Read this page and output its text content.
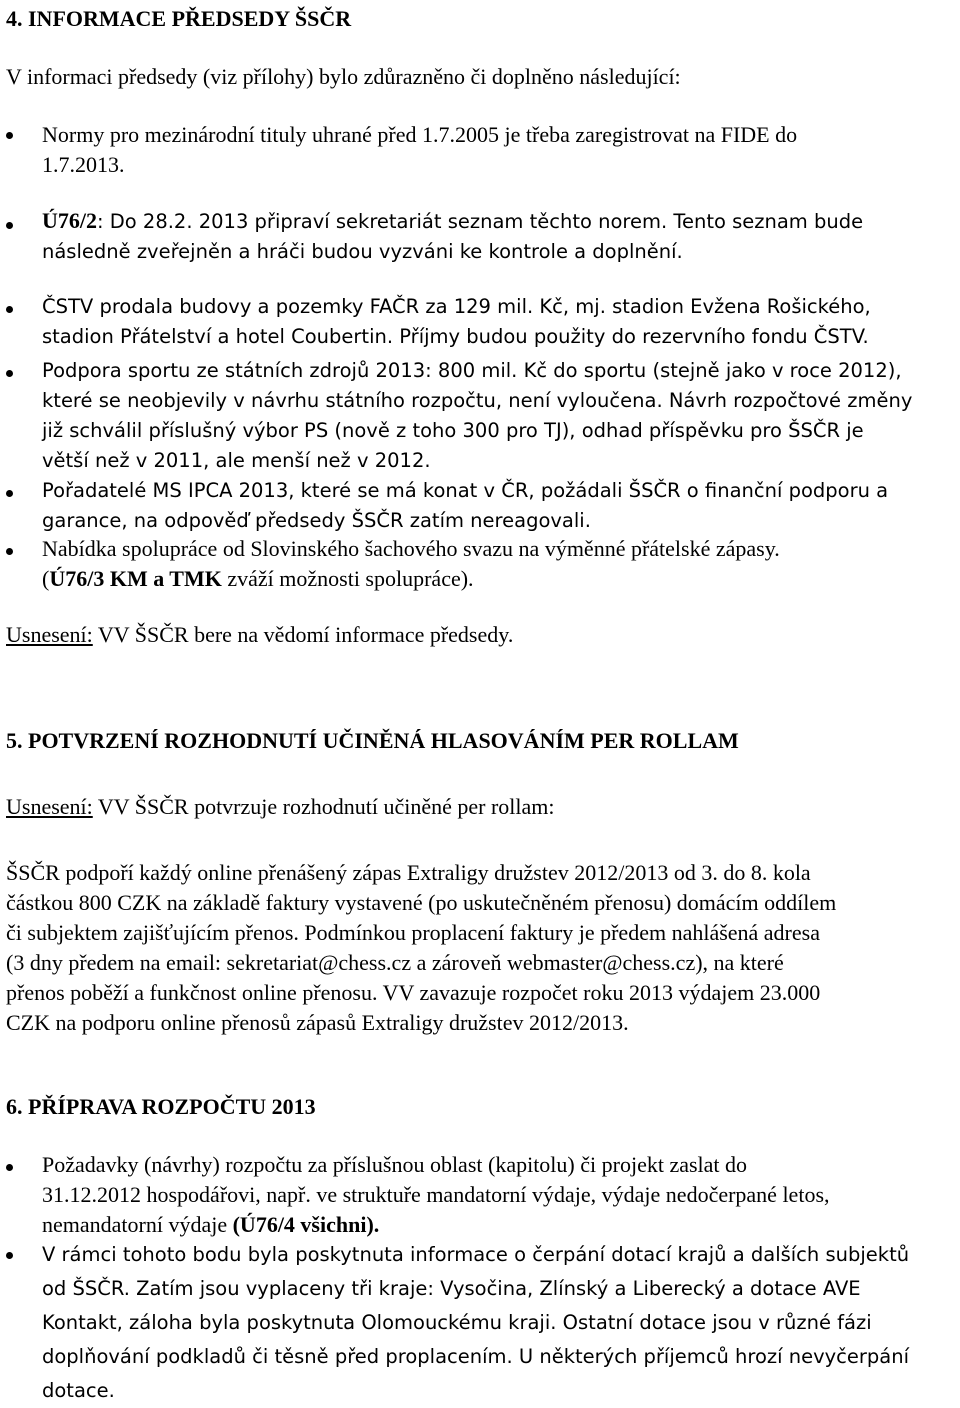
4. INFORMACE PŘEDSEDY ŠSČR
V informaci předsedy (viz přílohy) bylo zdůrazněno či doplněno následující:
Normy pro mezinárodní tituly uhrané před 1.7.2005 je třeba zaregistrovat na FIDE do
1.7.2013.
Ú76/2: Do 28.2. 2013 připraví sekretariát seznam těchto norem. Tento seznam bude
následně zveřejněn a hráči budou vyzváni ke kontrole a doplnění.
ČSTV prodala budovy a pozemky FAČR za 129 mil. Kč, mj. stadion Evžena Rošického,
stadion Přátelství a hotel Coubertin. Příjmy budou použity do rezervního fondu ČSTV.
Podpora sportu ze státních zdrojů 2013: 800 mil. Kč do sportu (stejně jako v roce 2012),
které se neobjevily v návrhu státního rozpočtu, není vyloučena. Návrh rozpočtové změny
již schválil příslušný výbor PS (nově z toho 300 pro TJ), odhad příspěvku pro ŠSČR je
větší než v 2011, ale menší než v 2012.
Pořadatelé MS IPCA 2013, které se má konat v ČR, požádali ŠSČR o finanční podporu a
garance, na odpověď předsedy ŠSČR zatím nereagovali.
Nabídka spolupráce od Slovinského šachového svazu na výměnné přátelské zápasy.
(Ú76/3 KM a TMK zváží možnosti spolupráce).
Usnesení: VV ŠSČR bere na vědomí informace předsedy.
5. POTVRZENÍ ROZHODNUTÍ UČINĚNÁ HLASOVÁNÍM PER ROLLAM
Usnesení: VV ŠSČR potvrzuje rozhodnutí učiněné per rollam:
ŠSČR podpoří každý online přenášený zápas Extraligy družstev 2012/2013 od 3. do 8. kola
částkou 800 CZK na základě faktury vystavené (po uskutečněném přenosu) domácím oddílem
či subjektem zajišťujícím přenos. Podmínkou proplacení faktury je předem nahlášená adresa
(3 dny předem na email: sekretariat@chess.cz a zároveň webmaster@chess.cz), na které
přenos poběží a funkčnost online přenosu. VV zavazuje rozpočet roku 2013 výdajem 23.000
CZK na podporu online přenosů zápasů Extraligy družstev 2012/2013.
6. PŘÍPRAVA ROZPOČTU 2013
Požadavky (návrhy) rozpočtu za příslušnou oblast (kapitolu) či projekt zaslat do
31.12.2012 hospodářovi, např. ve struktuře mandatorní výdaje, výdaje nedočerpané letos,
nemandatorní výdaje (Ú76/4 všichni).
V rámci tohoto bodu byla poskytnuta informace o čerpání dotací krajů a dalších subjektů
od ŠSČR. Zatím jsou vyplaceny tři kraje: Vysočina, Zlínský a Liberecký a dotace AVE
Kontakt, záloha byla poskytnuta Olomouckému kraji. Ostatní dotace jsou v různé fázi
doplňování podkladů či těsně před proplacením. U některých příjemců hrozí nevyčerpání
dotace.
